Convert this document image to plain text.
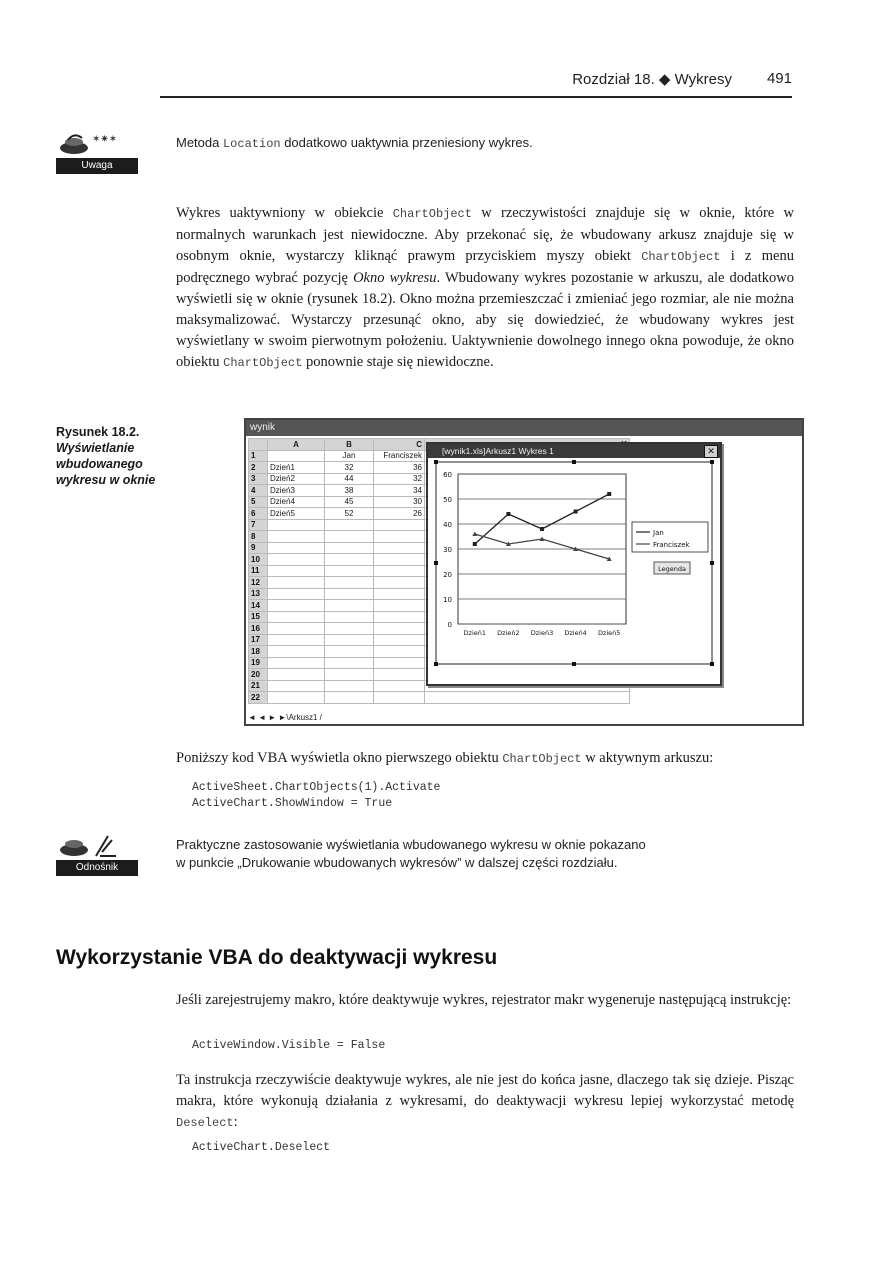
Rozdział 18. ◆ Wykresy 491
✶✷✶
Uwaga
Metoda Location dodatkowo uaktywnia przeniesiony wykres.
Wykres uaktywniony w obiekcie ChartObject w rzeczywistości znajduje się w oknie, które w normalnych warunkach jest niewidoczne. Aby przekonać się, że wbudowany arkusz znajduje się w osobnym oknie, wystarczy kliknąć prawym przyciskiem myszy obiekt ChartObject i z menu podręcznego wybrać pozycję Okno wykresu. Wbudowany wykres pozostanie w arkuszu, ale dodatkowo wyświetli się w oknie (rysunek 18.2). Okno można przemieszczać i zmieniać jego rozmiar, ale nie można maksymalizować. Wystarczy przesunąć okno, aby się dowiedzieć, że wbudowany wykres jest wyświetlany w swoim pierwotnym położeniu. Uaktywnienie dowolnego innego okna powoduje, że okno obiektu ChartObject ponownie staje się niewidoczne.
Rysunek 18.2.
Wyświetlanie wbudowanego wykresu w oknie
wynik
	A	B	C	
1		Jan	Franciszek	
2	Dzień1	32	36	
3	Dzień2	44	32	
4	Dzień3	38	34	
5	Dzień4	45	30	
6	Dzień5	52	26	
7				
8				
9				
10				
11				
12				
13				
14				
15				
16				
17				
18				
19				
20				
21				
22				
◄ ◄ ► ►\Arkusz1 /
[wynik1.xls]Arkusz1 Wykres 1	✕
0
10
20
30
40
50
60
Dzień1 Dzień2 Dzień3 Dzień4 Dzień5
Jan
Franciszek
Legenda
Poniższy kod VBA wyświetla okno pierwszego obiektu ChartObject w aktywnym arkuszu:
ActiveSheet.ChartObjects(1).Activate
ActiveChart.ShowWindow = True
Odnośnik
Praktyczne zastosowanie wyświetlania wbudowanego wykresu w oknie pokazano
w punkcie „Drukowanie wbudowanych wykresów” w dalszej części rozdziału.
Wykorzystanie VBA do deaktywacji wykresu
Jeśli zarejestrujemy makro, które deaktywuje wykres, rejestrator makr wygeneruje następującą instrukcję:
ActiveWindow.Visible = False
Ta instrukcja rzeczywiście deaktywuje wykres, ale nie jest do końca jasne, dlaczego tak się dzieje. Pisząc makra, które wykonują działania z wykresami, do deaktywacji wykresu lepiej wykorzystać metodę Deselect:
ActiveChart.Deselect
